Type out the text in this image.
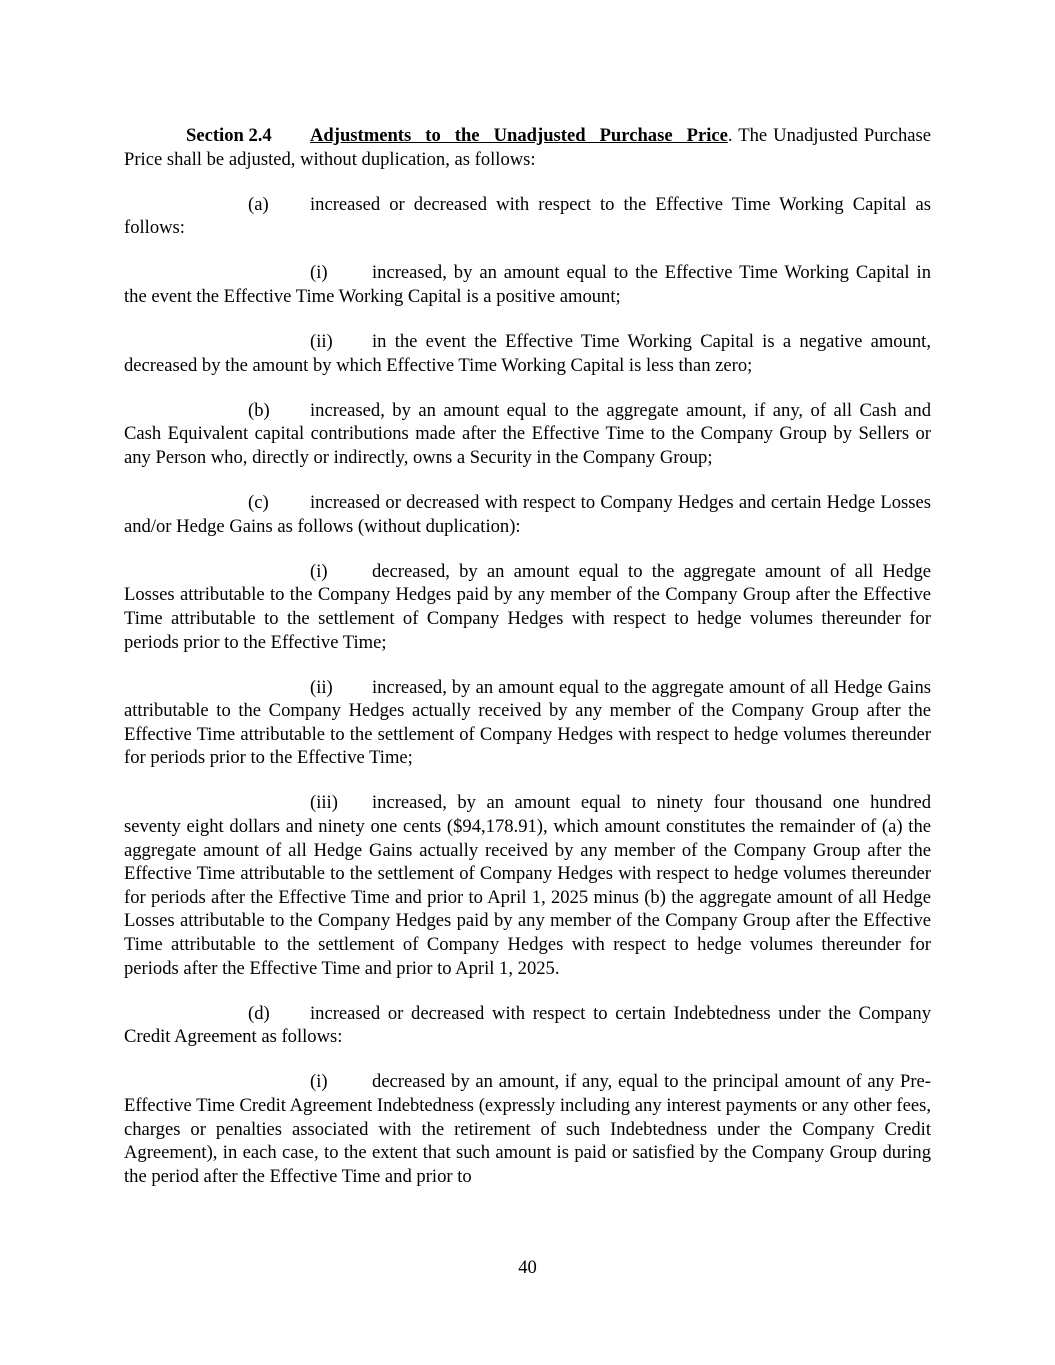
Section 2.4 Adjustments to the Unadjusted Purchase Price. The Unadjusted Purchase Price shall be adjusted, without duplication, as follows:

(a) increased or decreased with respect to the Effective Time Working Capital as follows:

(i) increased, by an amount equal to the Effective Time Working Capital in the event the Effective Time Working Capital is a positive amount;

(ii) in the event the Effective Time Working Capital is a negative amount, decreased by the amount by which Effective Time Working Capital is less than zero;

(b) increased, by an amount equal to the aggregate amount, if any, of all Cash and Cash Equivalent capital contributions made after the Effective Time to the Company Group by Sellers or any Person who, directly or indirectly, owns a Security in the Company Group;

(c) increased or decreased with respect to Company Hedges and certain Hedge Losses and/or Hedge Gains as follows (without duplication):

(i) decreased, by an amount equal to the aggregate amount of all Hedge Losses attributable to the Company Hedges paid by any member of the Company Group after the Effective Time attributable to the settlement of Company Hedges with respect to hedge volumes thereunder for periods prior to the Effective Time;

(ii) increased, by an amount equal to the aggregate amount of all Hedge Gains attributable to the Company Hedges actually received by any member of the Company Group after the Effective Time attributable to the settlement of Company Hedges with respect to hedge volumes thereunder for periods prior to the Effective Time;

(iii) increased, by an amount equal to ninety four thousand one hundred seventy eight dollars and ninety one cents ($94,178.91), which amount constitutes the remainder of (a) the aggregate amount of all Hedge Gains actually received by any member of the Company Group after the Effective Time attributable to the settlement of Company Hedges with respect to hedge volumes thereunder for periods after the Effective Time and prior to April 1, 2025 minus (b) the aggregate amount of all Hedge Losses attributable to the Company Hedges paid by any member of the Company Group after the Effective Time attributable to the settlement of Company Hedges with respect to hedge volumes thereunder for periods after the Effective Time and prior to April 1, 2025.

(d) increased or decreased with respect to certain Indebtedness under the Company Credit Agreement as follows:

(i) decreased by an amount, if any, equal to the principal amount of any Pre-Effective Time Credit Agreement Indebtedness (expressly including any interest payments or any other fees, charges or penalties associated with the retirement of such Indebtedness under the Company Credit Agreement), in each case, to the extent that such amount is paid or satisfied by the Company Group during the period after the Effective Time and prior to

40
